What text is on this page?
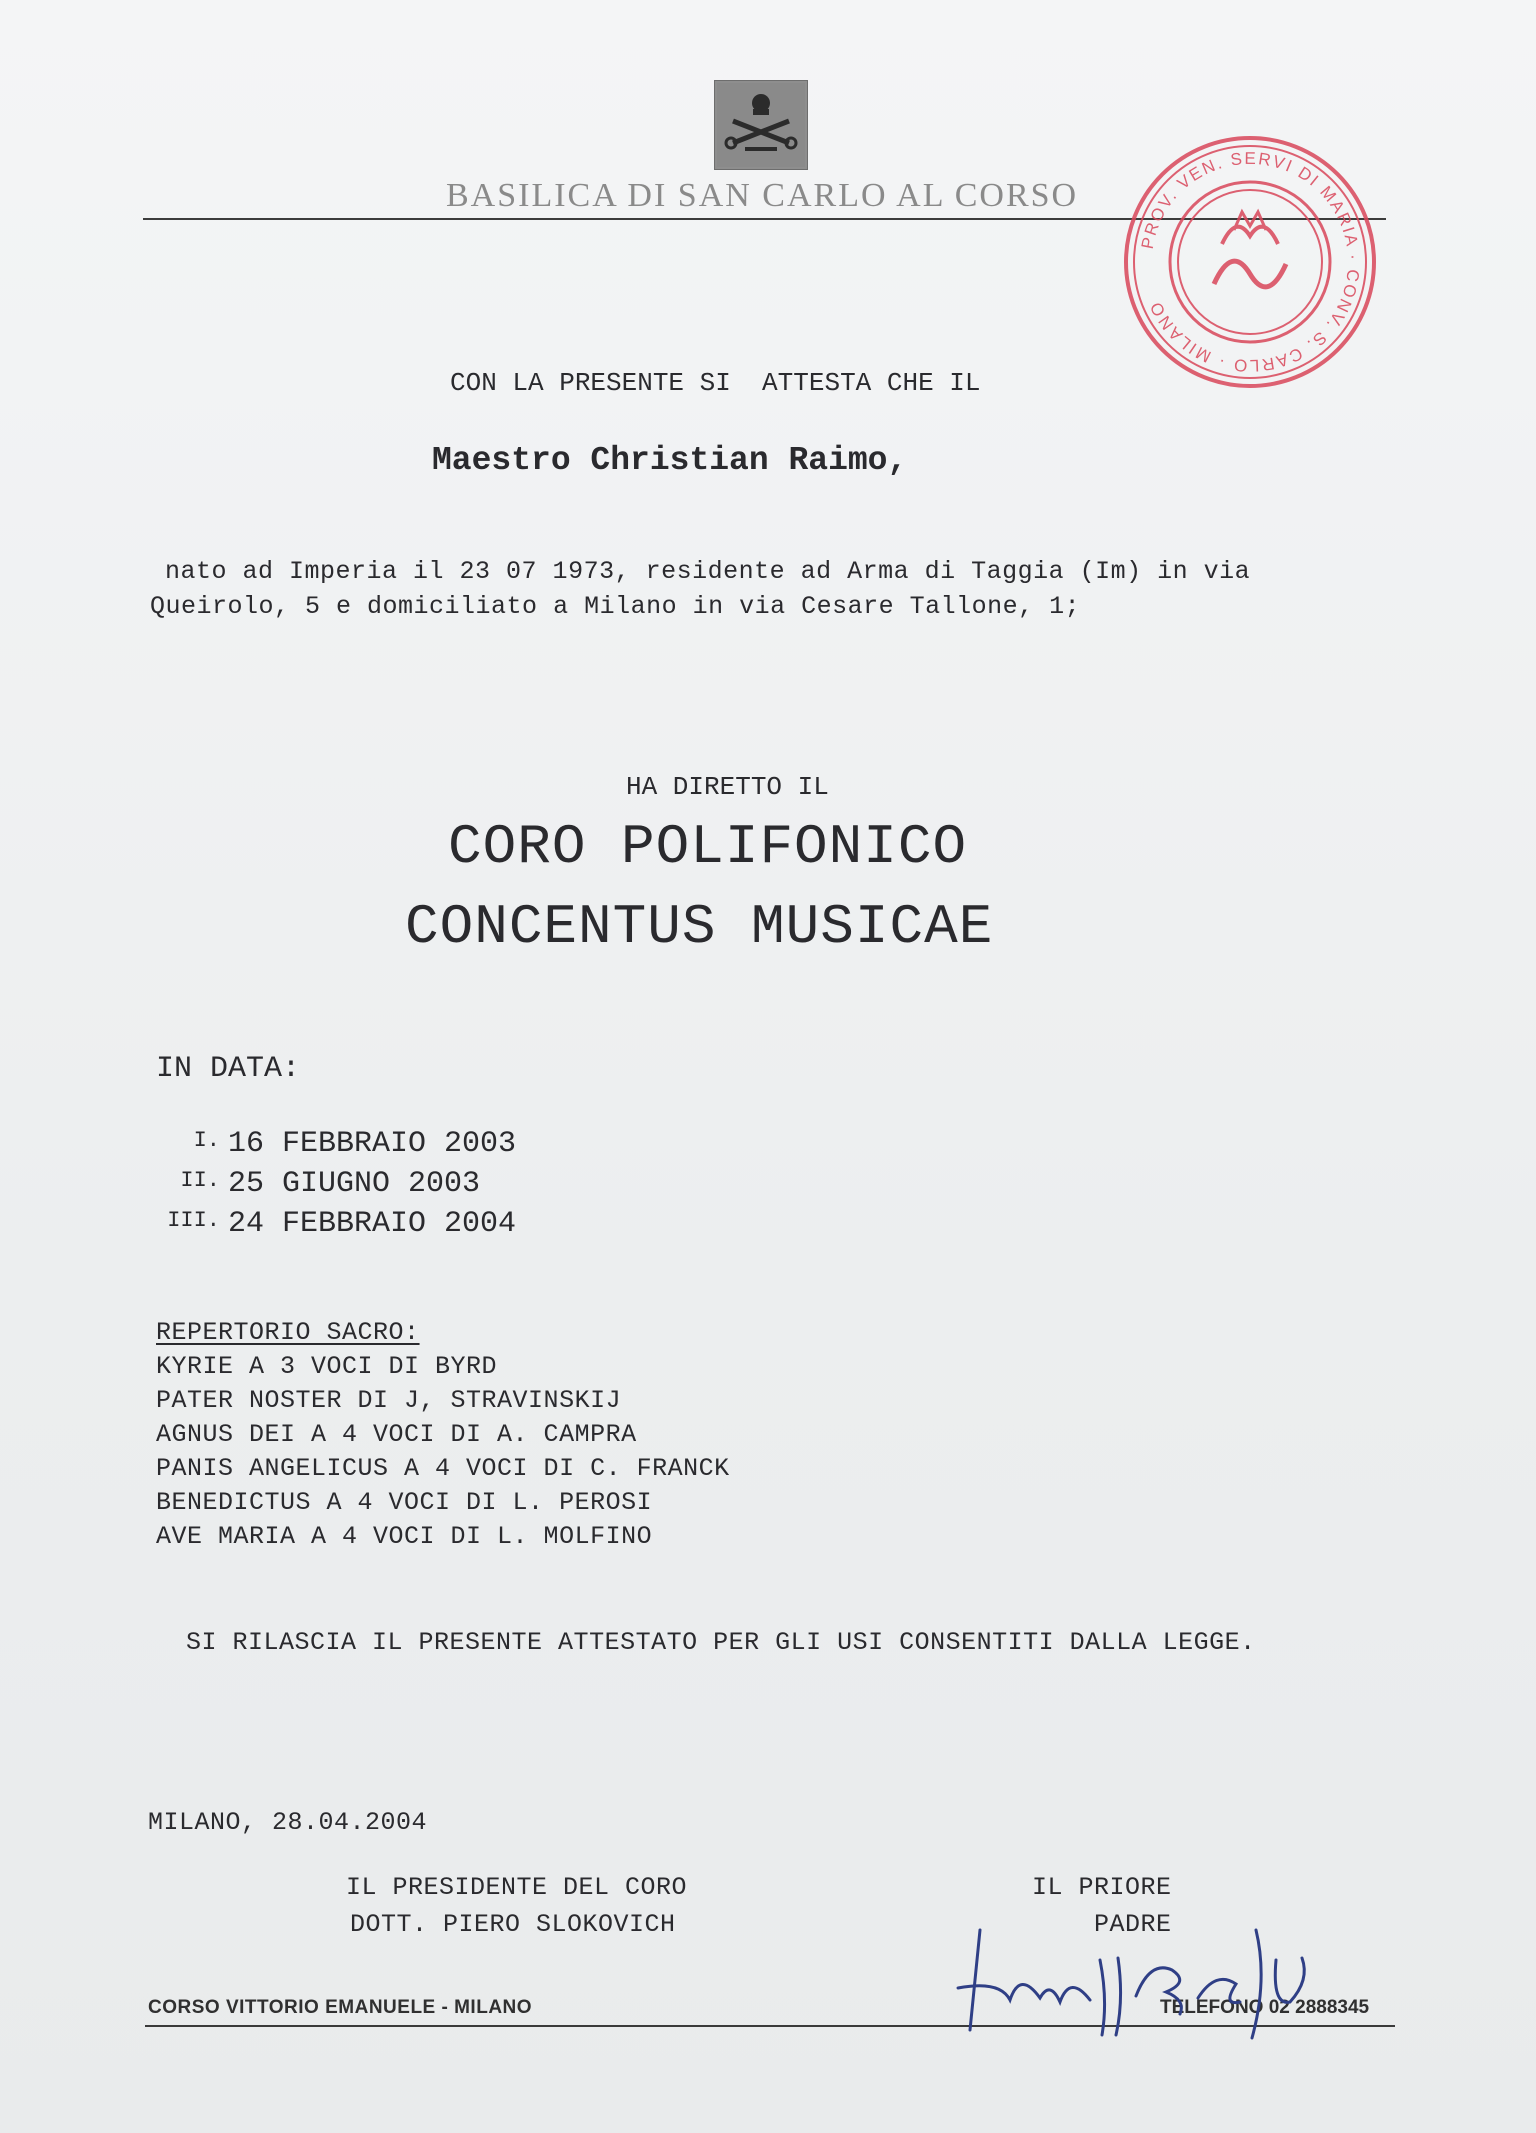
BASILICA DI SAN CARLO AL CORSO
PROV. VEN. SERVI DI MARIA · CONV. S. CARLO · MILANO
CON LA PRESENTE SI  ATTESTA CHE IL
Maestro Christian Raimo,
nato ad Imperia il 23 07 1973, residente ad Arma di Taggia (Im) in via
Queirolo, 5 e domiciliato a Milano in via Cesare Tallone, 1;
HA DIRETTO IL
CORO POLIFONICO
CONCENTUS MUSICAE
IN DATA:
I. 16 FEBBRAIO 2003
II. 25 GIUGNO 2003
III. 24 FEBBRAIO 2004
REPERTORIO SACRO:
KYRIE A 3 VOCI DI BYRD
PATER NOSTER DI J, STRAVINSKIJ
AGNUS DEI A 4 VOCI DI A. CAMPRA
PANIS ANGELICUS A 4 VOCI DI C. FRANCK
BENEDICTUS A 4 VOCI DI L. PEROSI
AVE MARIA A 4 VOCI DI L. MOLFINO
SI RILASCIA IL PRESENTE ATTESTATO PER GLI USI CONSENTITI DALLA LEGGE.
MILANO, 28.04.2004
IL PRESIDENTE DEL CORO
DOTT. PIERO SLOKOVICH
IL PRIORE
PADRE
CORSO VITTORIO EMANUELE - MILANO	TELEFONO 02 2888345
